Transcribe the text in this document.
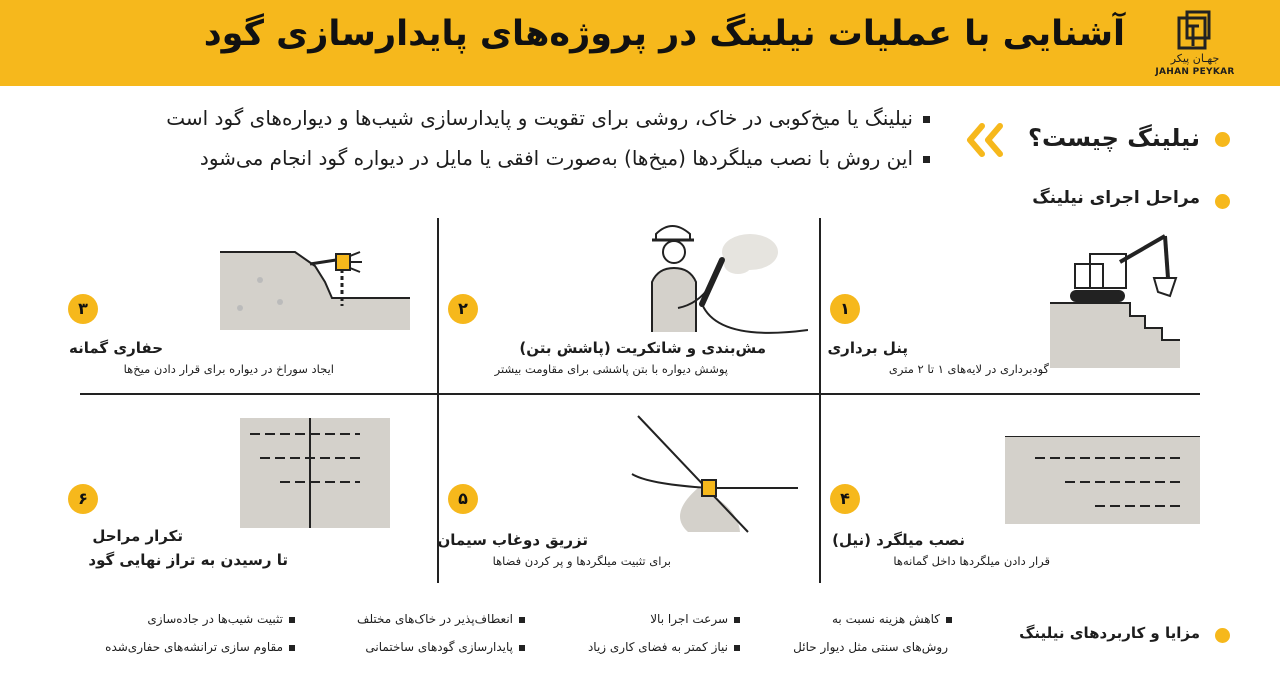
آشنایی با عملیات نیلینگ در پروژه‌های پایدارسازی گود
جهـان پیکر
JAHAN PEYKAR
نیلینگ چیست؟
نیلینگ یا میخ‌کوبی در خاک، روشی برای تقویت و پایدارسازی شیب‌ها و دیواره‌های گود است
این روش با نصب میلگردها (میخ‌ها) به‌صورت افقی یا مایل در دیواره گود انجام می‌شود
مراحل اجرای نیلینگ
۱
پنل برداری
گودبرداری در لایه‌های ۱ تا ۲ متری
۲
مش‌بندی و شاتکریت (پاشش بتن)
پوشش دیواره با بتن پاششی برای مقاومت بیشتر
۳
حفاری گمانه
ایجاد سوراخ در دیواره برای قرار دادن میخ‌ها
۴
نصب میلگرد (نیل)
قرار دادن میلگردها داخل گمانه‌ها
۵
تزریق دوغاب سیمان
برای تثبیت میلگردها و پر کردن فضاها
۶
تکرار مراحل
تا رسیدن به تراز نهایی گود
مزایا و کاربردهای نیلینگ
کاهش هزینه نسبت به
روش‌های سنتی مثل دیوار حائل
سرعت اجرا بالا
نیاز کمتر به فضای کاری زیاد
انعطاف‌پذیر در خاک‌های مختلف
پایدارسازی گودهای ساختمانی
تثبیت شیب‌ها در جاده‌سازی
مقاوم سازی ترانشه‌های حفاری‌شده
